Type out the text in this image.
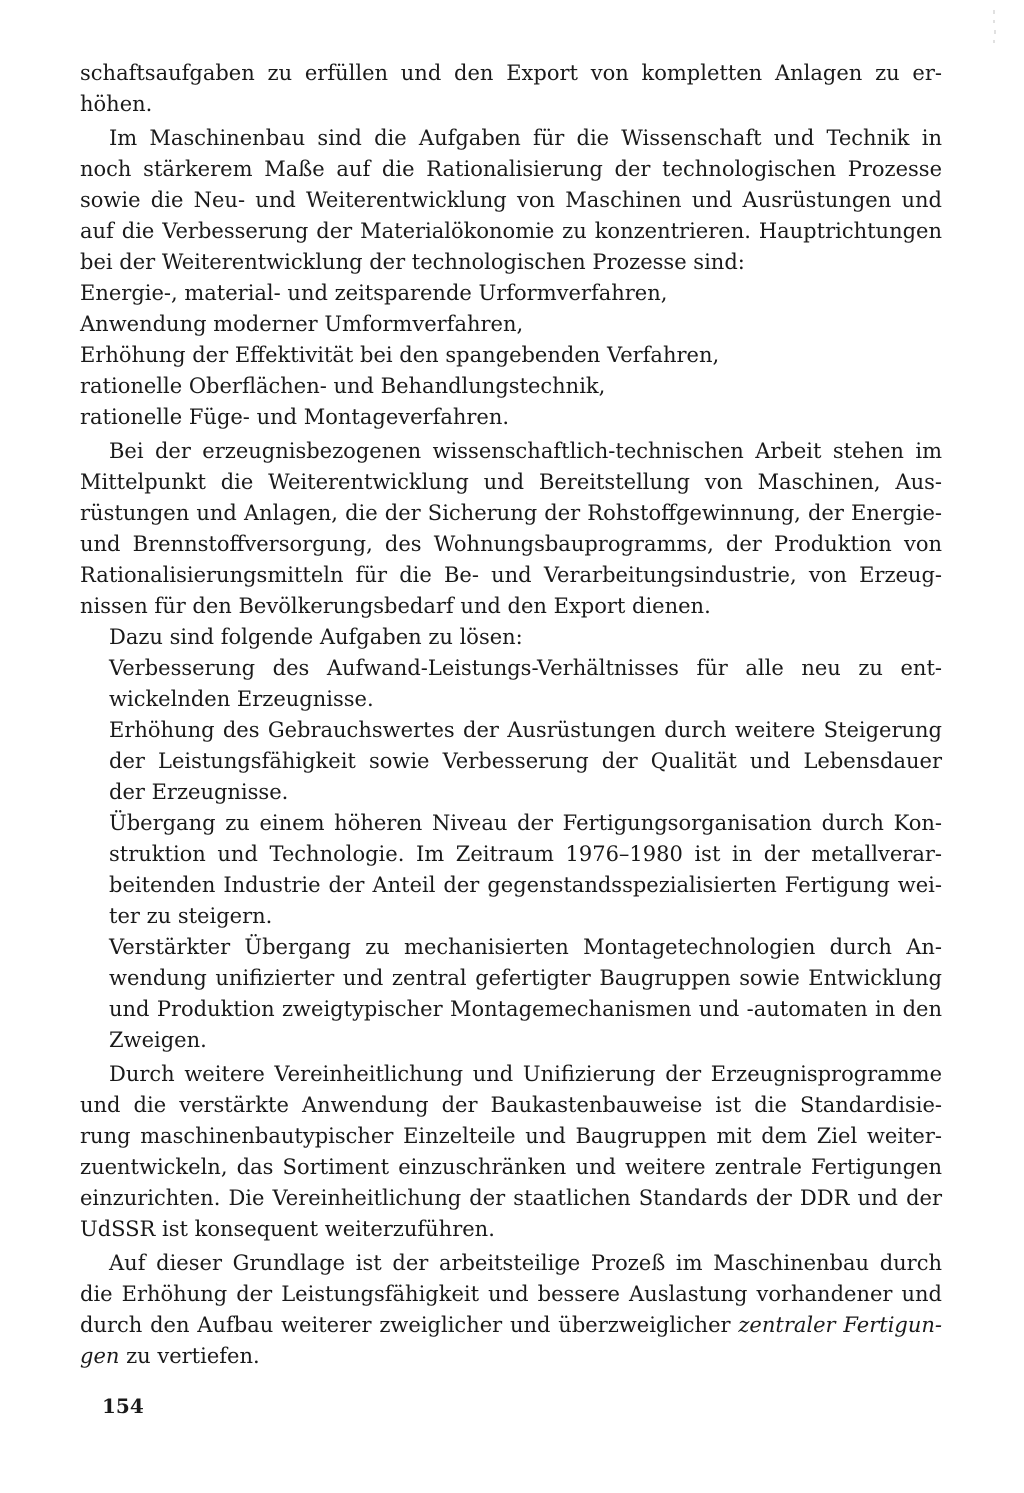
schaftsaufgaben zu erfüllen und den Export von kompletten Anlagen zu er-
höhen.
Im Maschinenbau sind die Aufgaben für die Wissenschaft und Technik in
noch stärkerem Maße auf die Rationalisierung der technologischen Prozesse
sowie die Neu- und Weiterentwicklung von Maschinen und Ausrüstungen und
auf die Verbesserung der Materialökonomie zu konzentrieren. Hauptrichtungen
bei der Weiterentwicklung der technologischen Prozesse sind:
Energie-, material- und zeitsparende Urformverfahren,
Anwendung moderner Umformverfahren,
Erhöhung der Effektivität bei den spangebenden Verfahren,
rationelle Oberflächen- und Behandlungstechnik,
rationelle Füge- und Montageverfahren.
Bei der erzeugnisbezogenen wissenschaftlich-technischen Arbeit stehen im
Mittelpunkt die Weiterentwicklung und Bereitstellung von Maschinen, Aus-
rüstungen und Anlagen, die der Sicherung der Rohstoffgewinnung, der Energie-
und Brennstoffversorgung, des Wohnungsbauprogramms, der Produktion von
Rationalisierungsmitteln für die Be- und Verarbeitungsindustrie, von Erzeug-
nissen für den Bevölkerungsbedarf und den Export dienen.
Dazu sind folgende Aufgaben zu lösen:
Verbesserung des Aufwand-Leistungs-Verhältnisses für alle neu zu ent-
wickelnden Erzeugnisse.
Erhöhung des Gebrauchswertes der Ausrüstungen durch weitere Steigerung
der Leistungsfähigkeit sowie Verbesserung der Qualität und Lebensdauer
der Erzeugnisse.
Übergang zu einem höheren Niveau der Fertigungsorganisation durch Kon-
struktion und Technologie. Im Zeitraum 1976–1980 ist in der metallverar-
beitenden Industrie der Anteil der gegenstandsspezialisierten Fertigung wei-
ter zu steigern.
Verstärkter Übergang zu mechanisierten Montagetechnologien durch An-
wendung unifizierter und zentral gefertigter Baugruppen sowie Entwicklung
und Produktion zweigtypischer Montagemechanismen und -automaten in den
Zweigen.
Durch weitere Vereinheitlichung und Unifizierung der Erzeugnisprogramme
und die verstärkte Anwendung der Baukastenbauweise ist die Standardisie-
rung maschinenbautypischer Einzelteile und Baugruppen mit dem Ziel weiter-
zuentwickeln, das Sortiment einzuschränken und weitere zentrale Fertigungen
einzurichten. Die Vereinheitlichung der staatlichen Standards der DDR und der
UdSSR ist konsequent weiterzuführen.
Auf dieser Grundlage ist der arbeitsteilige Prozeß im Maschinenbau durch
die Erhöhung der Leistungsfähigkeit und bessere Auslastung vorhandener und
durch den Aufbau weiterer zweiglicher und überzweiglicher zentraler Fertigun-
gen zu vertiefen.
154
